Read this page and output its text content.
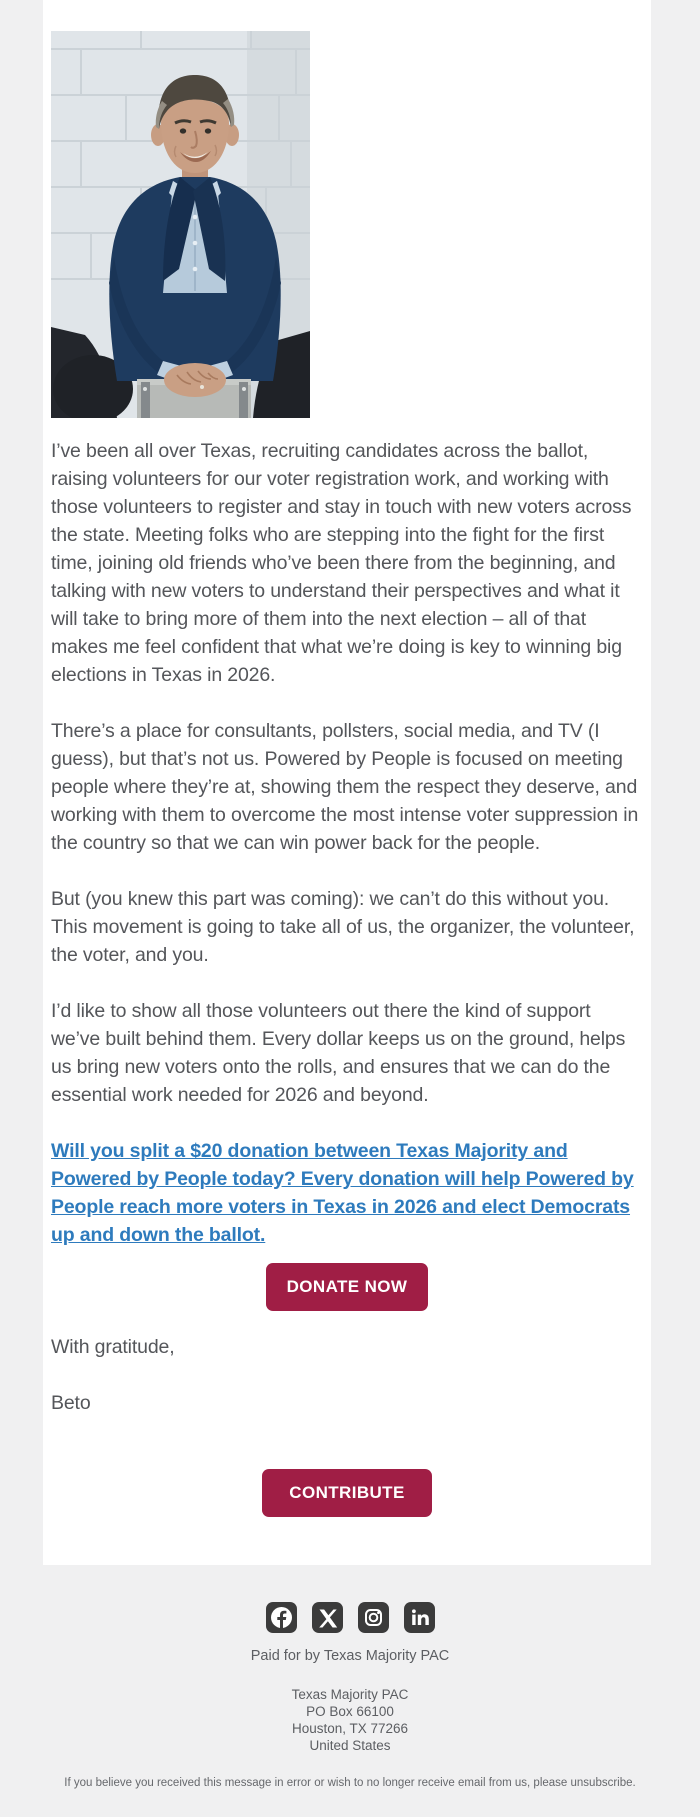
I’ve been all over Texas, recruiting candidates across the ballot, raising volunteers for our voter registration work, and working with those volunteers to register and stay in touch with new voters across the state. Meeting folks who are stepping into the fight for the first time, joining old friends who’ve been there from the beginning, and talking with new voters to understand their perspectives and what it will take to bring more of them into the next election – all of that makes me feel confident that what we’re doing is key to winning big elections in Texas in 2026.

There’s a place for consultants, pollsters, social media, and TV (I guess), but that’s not us. Powered by People is focused on meeting people where they’re at, showing them the respect they deserve, and working with them to overcome the most intense voter suppression in the country so that we can win power back for the people.

But (you knew this part was coming): we can’t do this without you. This movement is going to take all of us, the organizer, the volunteer, the voter, and you.

I’d like to show all those volunteers out there the kind of support we’ve built behind them. Every dollar keeps us on the ground, helps us bring new voters onto the rolls, and ensures that we can do the essential work needed for 2026 and beyond.

Will you split a $20 donation between Texas Majority and Powered by People today? Every donation will help Powered by People reach more voters in Texas in 2026 and elect Democrats up and down the ballot.
DONATE NOW

With gratitude,

Beto

CONTRIBUTE
Paid for by Texas Majority PAC
Texas Majority PAC
PO Box 66100
Houston, TX 77266
United States
If you believe you received this message in error or wish to no longer receive email from us, please unsubscribe.
